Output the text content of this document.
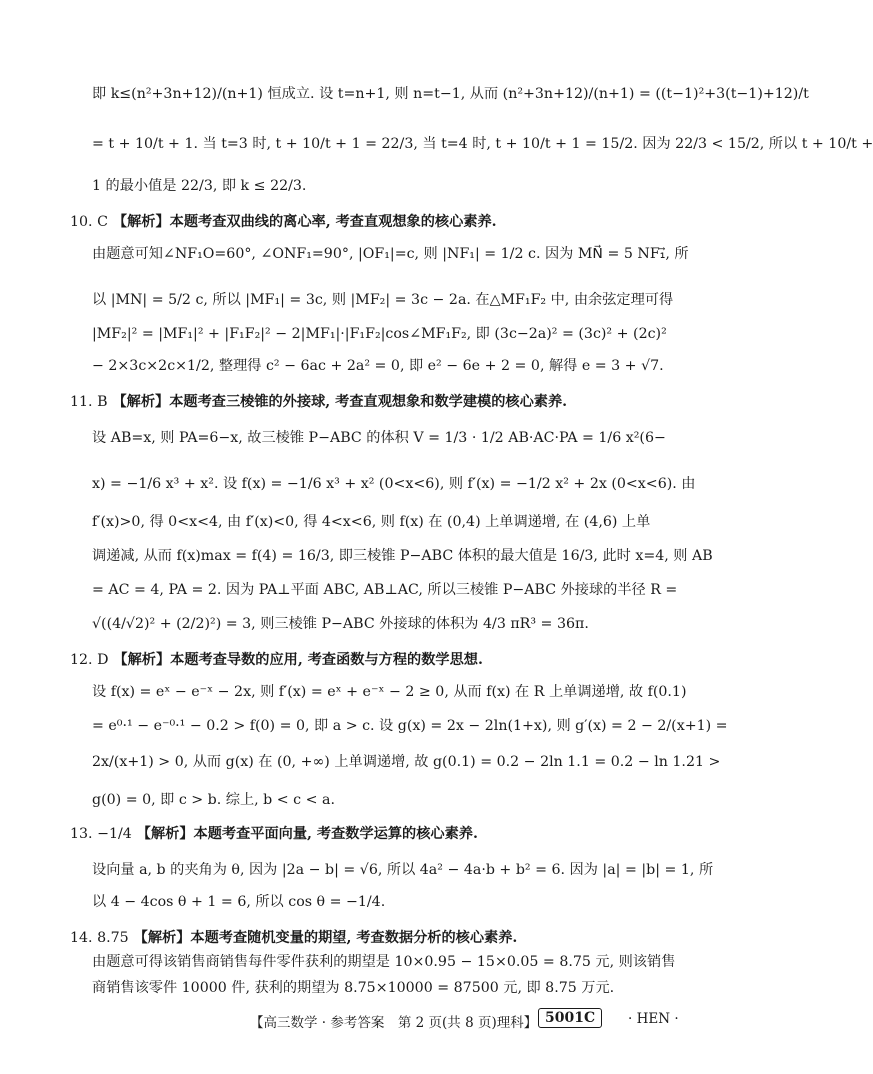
即 k≤(n²+3n+12)/(n+1) 恒成立. 设 t=n+1, 则 n=t−1, 从而 (n²+3n+12)/(n+1) = ((t−1)²+3(t−1)+12)/t
= t + 10/t + 1. 当 t=3 时, t + 10/t + 1 = 22/3, 当 t=4 时, t + 10/t + 1 = 15/2. 因为 22/3 < 15/2, 所以 t + 10/t +
1 的最小值是 22/3, 即 k ≤ 22/3.
10. C 【解析】本题考查双曲线的离心率, 考查直观想象的核心素养.
由题意可知∠NF₁O=60°, ∠ONF₁=90°, |OF₁|=c, 则 |NF₁| = 1/2 c. 因为 MN⃗ = 5 NF₁⃗, 所
以 |MN| = 5/2 c, 所以 |MF₁| = 3c, 则 |MF₂| = 3c − 2a. 在△MF₁F₂ 中, 由余弦定理可得
|MF₂|² = |MF₁|² + |F₁F₂|² − 2|MF₁|·|F₁F₂|cos∠MF₁F₂, 即 (3c−2a)² = (3c)² + (2c)²
− 2×3c×2c×1/2, 整理得 c² − 6ac + 2a² = 0, 即 e² − 6e + 2 = 0, 解得 e = 3 + √7.
11. B 【解析】本题考查三棱锥的外接球, 考查直观想象和数学建模的核心素养.
设 AB=x, 则 PA=6−x, 故三棱锥 P−ABC 的体积 V = 1/3 · 1/2 AB·AC·PA = 1/6 x²(6−
x) = −1/6 x³ + x². 设 f(x) = −1/6 x³ + x² (0<x<6), 则 f′(x) = −1/2 x² + 2x (0<x<6). 由
f′(x)>0, 得 0<x<4, 由 f′(x)<0, 得 4<x<6, 则 f(x) 在 (0,4) 上单调递增, 在 (4,6) 上单
调递减, 从而 f(x)max = f(4) = 16/3, 即三棱锥 P−ABC 体积的最大值是 16/3, 此时 x=4, 则 AB
= AC = 4, PA = 2. 因为 PA⊥平面 ABC, AB⊥AC, 所以三棱锥 P−ABC 外接球的半径 R =
√((4/√2)² + (2/2)²) = 3, 则三棱锥 P−ABC 外接球的体积为 4/3 πR³ = 36π.
12. D 【解析】本题考查导数的应用, 考查函数与方程的数学思想.
设 f(x) = eˣ − e⁻ˣ − 2x, 则 f′(x) = eˣ + e⁻ˣ − 2 ≥ 0, 从而 f(x) 在 R 上单调递增, 故 f(0.1)
= e⁰·¹ − e⁻⁰·¹ − 0.2 > f(0) = 0, 即 a > c. 设 g(x) = 2x − 2ln(1+x), 则 g′(x) = 2 − 2/(x+1) =
2x/(x+1) > 0, 从而 g(x) 在 (0, +∞) 上单调递增, 故 g(0.1) = 0.2 − 2ln 1.1 = 0.2 − ln 1.21 >
g(0) = 0, 即 c > b. 综上, b < c < a.
13. −1/4 【解析】本题考查平面向量, 考查数学运算的核心素养.
设向量 a, b 的夹角为 θ, 因为 |2a − b| = √6, 所以 4a² − 4a·b + b² = 6. 因为 |a| = |b| = 1, 所
以 4 − 4cos θ + 1 = 6, 所以 cos θ = −1/4.
14. 8.75 【解析】本题考查随机变量的期望, 考查数据分析的核心素养.
由题意可得该销售商销售每件零件获利的期望是 10×0.95 − 15×0.05 = 8.75 元, 则该销售
商销售该零件 10000 件, 获利的期望为 8.75×10000 = 87500 元, 即 8.75 万元.
【高三数学 · 参考答案　第 2 页(共 8 页)理科】 5001C	· HEN ·
